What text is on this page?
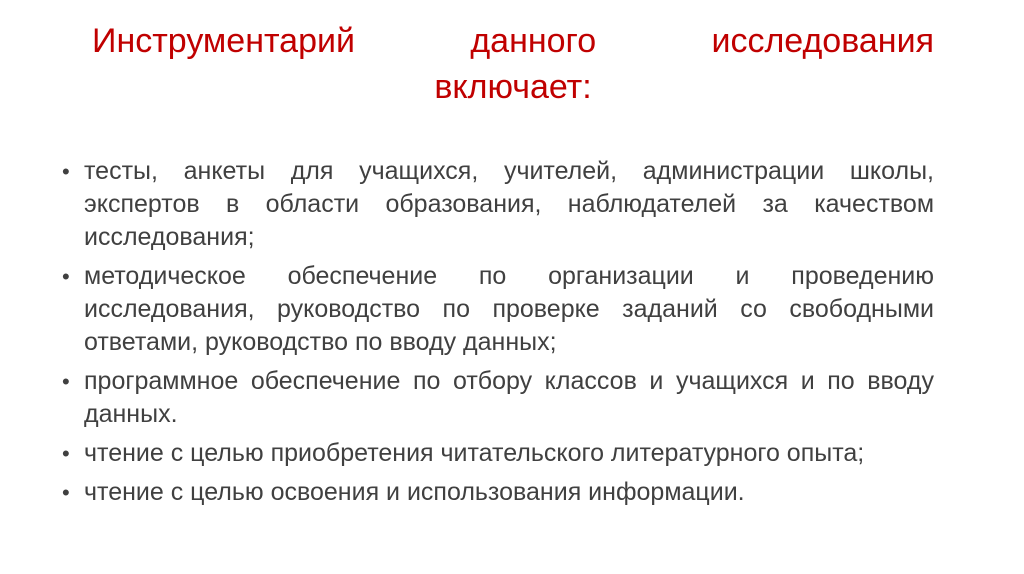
Инструментарий	данного	исследования
включает:
• тесты, анкеты для учащихся, учителей, администрации школы, экспертов в области образования, наблюдателей за качеством исследования;
• методическое обеспечение по организации и проведению исследования, руководство по проверке заданий со свободными ответами, руководство по вводу данных;
• программное обеспечение по отбору классов и учащихся и по вводу данных.
• чтение с целью приобретения читательского литературного опыта;
• чтение с целью освоения и использования информации.
